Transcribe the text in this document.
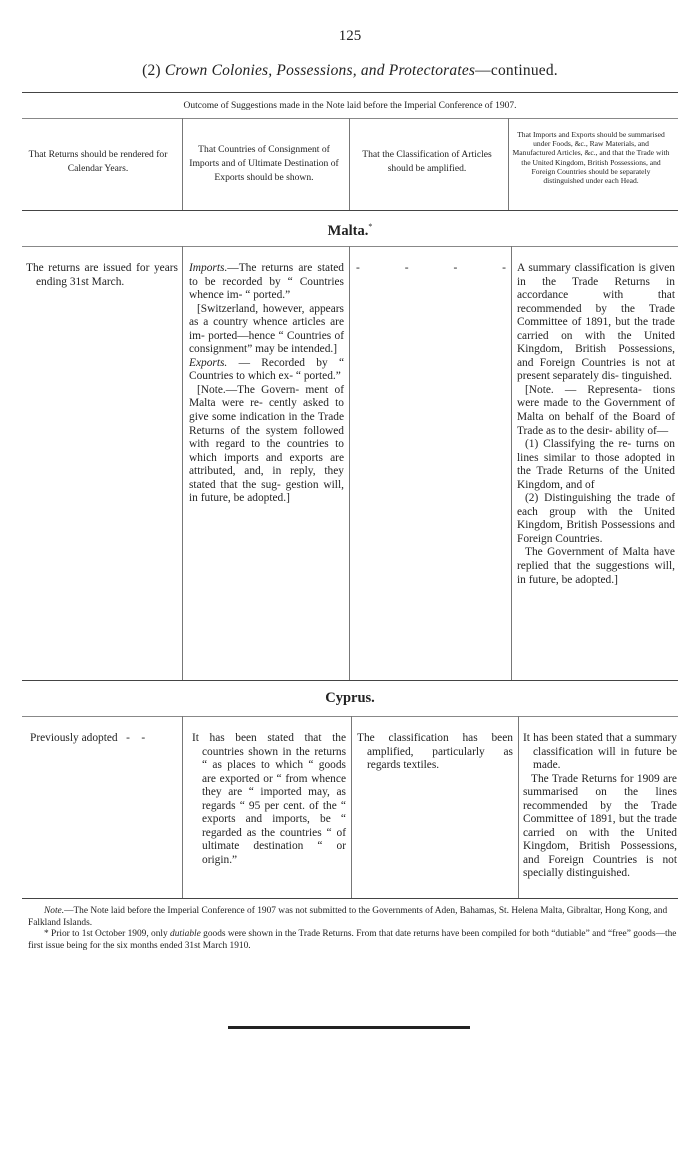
125
(2) Crown Colonies, Possessions, and Protectorates—continued.
Outcome of Suggestions made in the Note laid before the Imperial Conference of 1907.
That Returns should be rendered for Calendar Years.
That Countries of Consignment of Imports and of Ultimate Destination of Exports should be shown.
That the Classification of Articles should be amplified.
That Imports and Exports should be summarised under Foods, &c., Raw Materials, and Manufactured Articles, &c., and that the Trade with the United Kingdom, British Possessions, and Foreign Countries should be separately distinguished under each Head.
Malta.*

The returns are issued for years ending 31st March.

Imports.—The returns are stated to be recorded by “ Countries whence im- “ ported.”

[Switzerland, however, appears as a country whence articles are im- ported—hence “ Countries of consignment” may be intended.]

Exports. — Recorded by “ Countries to which ex- “ ported.”

[Note.—The Govern- ment of Malta were re- cently asked to give some indication in the Trade Returns of the system followed with regard to the countries to which imports and exports are attributed, and, in reply, they stated that the sug- gestion will, in future, be adopted.]

- - - - A summary classification is given in the Trade Returns in accordance with that recommended by the Trade Committee of 1891, but the trade carried on with the United Kingdom, British Possessions, and Foreign Countries is not at present separately dis- tinguished.

[Note. — Representa- tions were made to the Government of Malta on behalf of the Board of Trade as to the desir- ability of—

(1) Classifying the re- turns on lines similar to those adopted in the Trade Returns of the United Kingdom, and of

(2) Distinguishing the trade of each group with the United Kingdom, British Possessions and Foreign Countries.

The Government of Malta have replied that the suggestions will, in future, be adopted.]

Cyprus.
Previously adopted   -    -	It has been stated that the countries shown in the returns “ as places to which “ goods are exported or “ from whence they are “ imported may, as regards “ 95 per cent. of the “ exports and imports, be “ regarded as the countries “ of ultimate destination “ or origin.”

The classification has been amplified, particularly as regards textiles.

It has been stated that a summary classification will in future be made.

The Trade Returns for 1909 are summarised on the lines recommended by the Trade Committee of 1891, but the trade carried on with the United Kingdom, British Possessions, and Foreign Countries is not specially distinguished.

Note.—The Note laid before the Imperial Conference of 1907 was not submitted to the Governments of Aden, Bahamas, St. Helena Malta, Gibraltar, Hong Kong, and Falkland Islands.

* Prior to 1st October 1909, only dutiable goods were shown in the Trade Returns. From that date returns have been compiled for both “dutiable” and “free” goods—the first issue being for the six months ended 31st March 1910.
